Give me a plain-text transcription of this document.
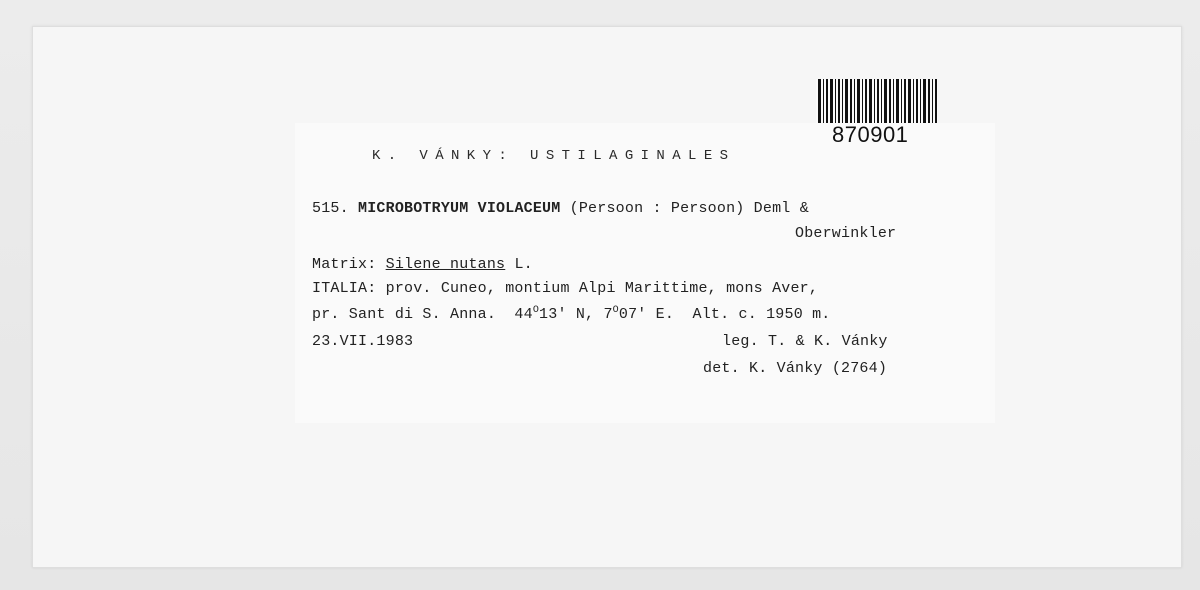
870901
K. VÁNKY: USTILAGINALES
515. MICROBOTRYUM VIOLACEUM (Persoon : Persoon) Deml &
Oberwinkler
Matrix: Silene nutans L.
ITALIA: prov. Cuneo, montium Alpi Marittime, mons Aver,
pr. Sant di S. Anna.  $44^O13'$ N, $7^O07'$ E.  Alt. c. 1950 m.
23.VII.1983	leg. T. & K. Vánky
det. K. Vánky (2764)
